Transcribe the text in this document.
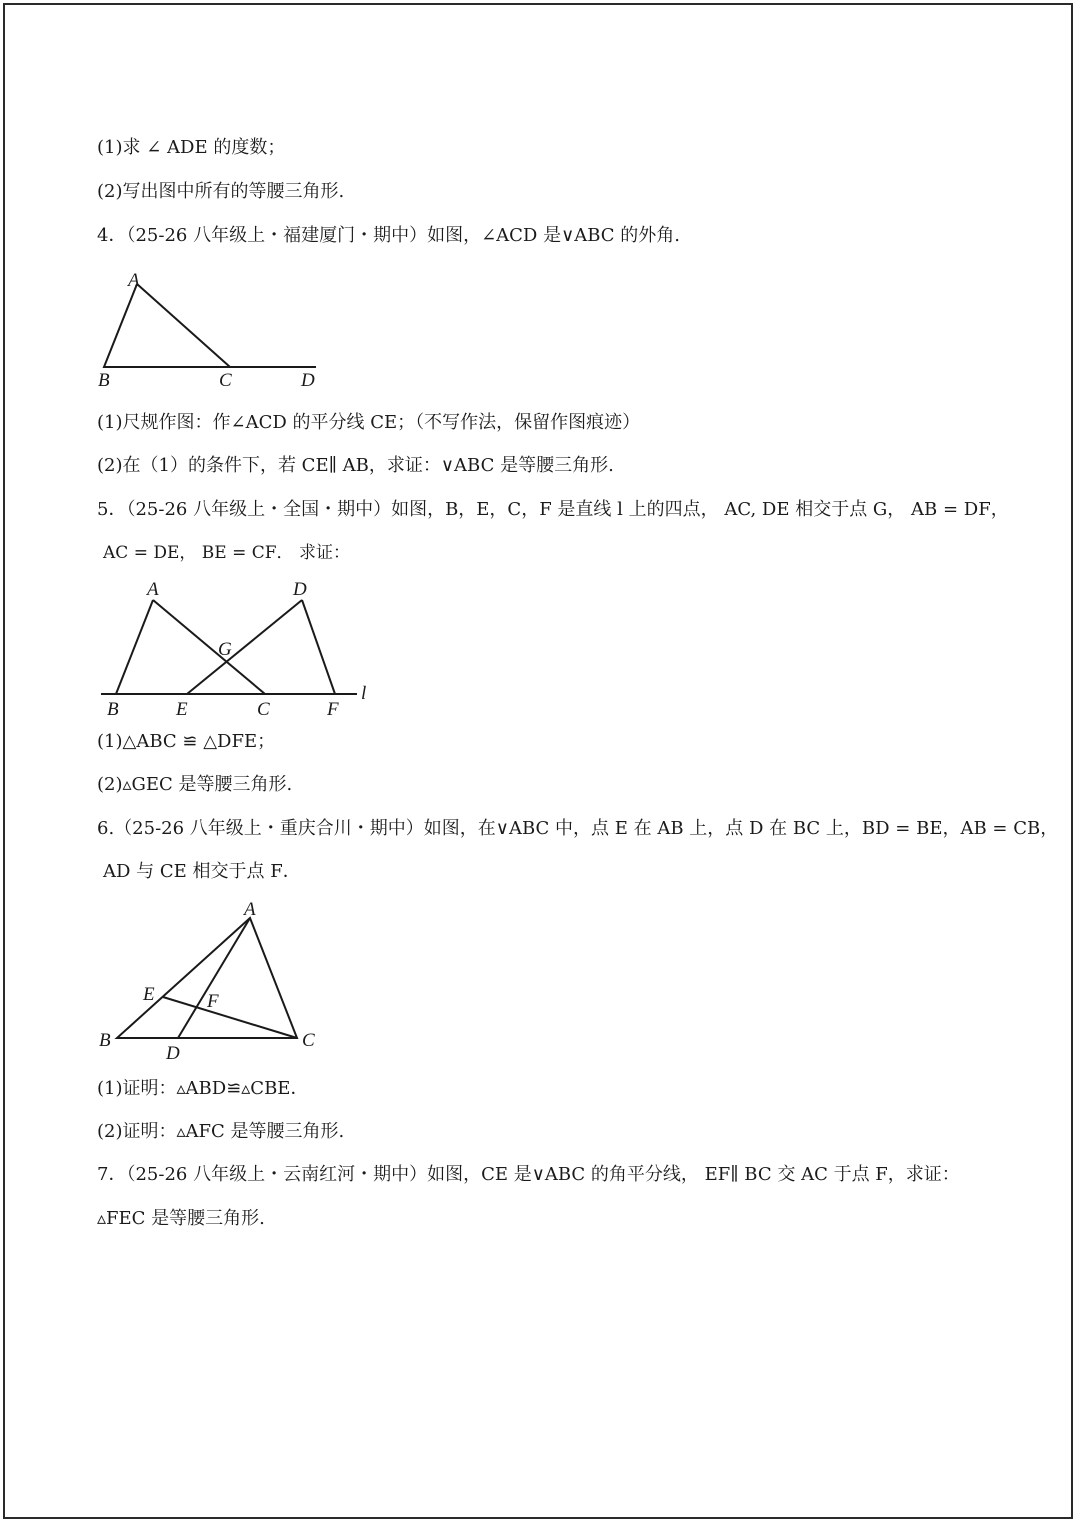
(1)求 ∠ ADE 的度数；
(2)写出图中所有的等腰三角形.
4．（25-26 八年级上・福建厦门・期中）如图，∠ACD 是∨ABC 的外角.
A
B	C	D
(1)尺规作图：作∠ACD 的平分线 CE；（不写作法，保留作图痕迹）
(2)在（1）的条件下，若 CE∥ AB，求证：∨ABC 是等腰三角形.
5．（25-26 八年级上・全国・期中）如图，B，E，C，F 是直线 l 上的四点， AC, DE 相交于点 G， AB = DF，
AC = DE， BE = CF． 求证：
A	D
G
B	E	C	F
l
(1)△ABC ≌ △DFE；
(2)▵GEC 是等腰三角形.
6.（25-26 八年级上・重庆合川・期中）如图，在∨ABC 中，点 E 在 AB 上，点 D 在 BC 上，BD = BE，AB = CB，
AD 与 CE 相交于点 F．
A
E	F
B
D
C
(1)证明：▵ABD≌▵CBE．
(2)证明：▵AFC 是等腰三角形.
7．（25-26 八年级上・云南红河・期中）如图，CE 是∨ABC 的角平分线， EF∥ BC 交 AC 于点 F，求证：
▵FEC 是等腰三角形.
